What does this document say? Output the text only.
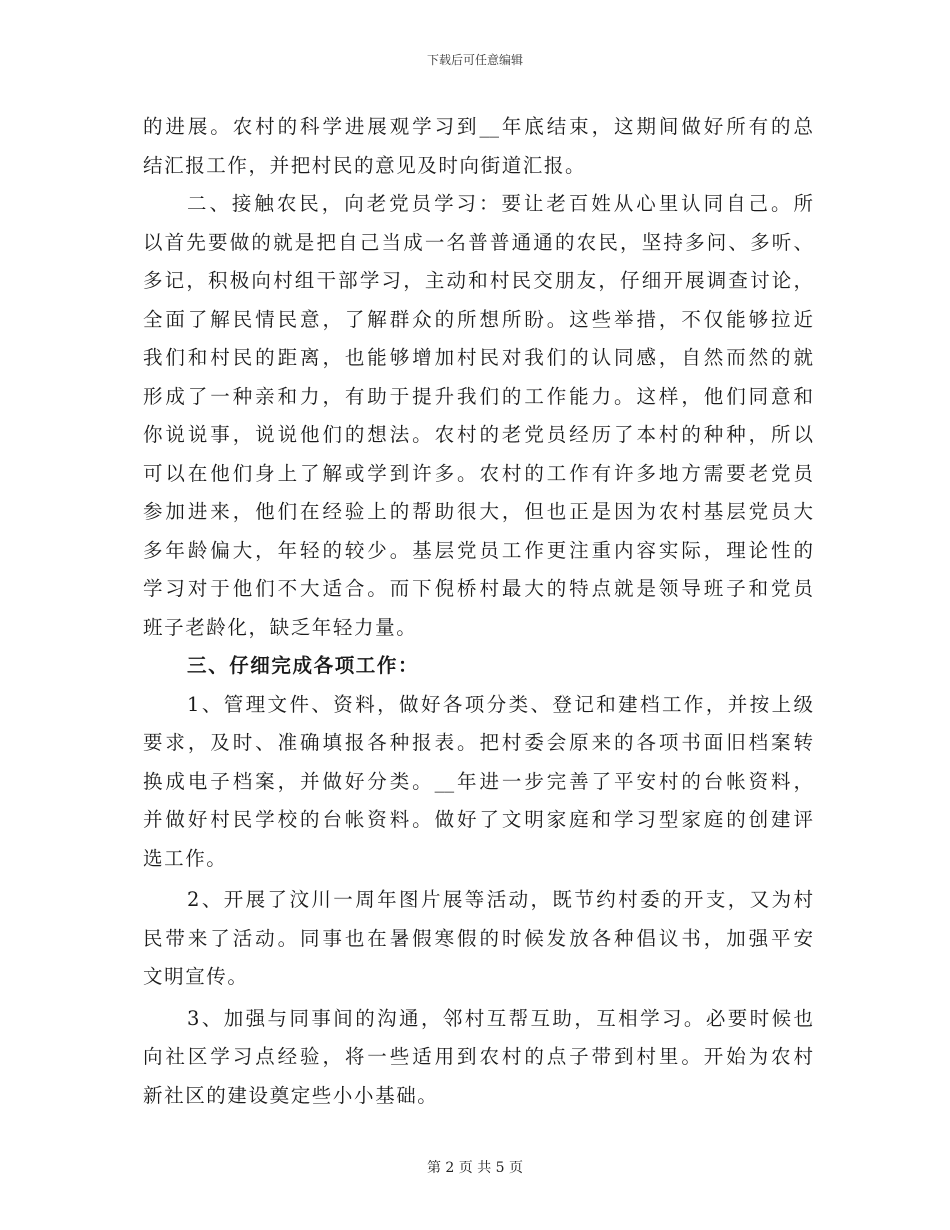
下载后可任意编辑
的进展。农村的科学进展观学习到__年底结束，这期间做好所有的总
结汇报工作，并把村民的意见及时向街道汇报。
二、接触农民，向老党员学习：要让老百姓从心里认同自己。所
以首先要做的就是把自己当成一名普普通通的农民，坚持多问、多听、
多记，积极向村组干部学习，主动和村民交朋友，仔细开展调查讨论，
全面了解民情民意，了解群众的所想所盼。这些举措，不仅能够拉近
我们和村民的距离，也能够增加村民对我们的认同感，自然而然的就
形成了一种亲和力，有助于提升我们的工作能力。这样，他们同意和
你说说事，说说他们的想法。农村的老党员经历了本村的种种，所以
可以在他们身上了解或学到许多。农村的工作有许多地方需要老党员
参加进来，他们在经验上的帮助很大，但也正是因为农村基层党员大
多年龄偏大，年轻的较少。基层党员工作更注重内容实际，理论性的
学习对于他们不大适合。而下倪桥村最大的特点就是领导班子和党员
班子老龄化，缺乏年轻力量。
三、仔细完成各项工作：
1、管理文件、资料，做好各项分类、登记和建档工作，并按上级
要求，及时、准确填报各种报表。把村委会原来的各项书面旧档案转
换成电子档案，并做好分类。__年进一步完善了平安村的台帐资料，
并做好村民学校的台帐资料。做好了文明家庭和学习型家庭的创建评
选工作。
2、开展了汶川一周年图片展等活动，既节约村委的开支，又为村
民带来了活动。同事也在暑假寒假的时候发放各种倡议书，加强平安
文明宣传。
3、加强与同事间的沟通，邻村互帮互助，互相学习。必要时候也
向社区学习点经验，将一些适用到农村的点子带到村里。开始为农村
新社区的建设奠定些小小基础。
第 2 页 共 5 页
